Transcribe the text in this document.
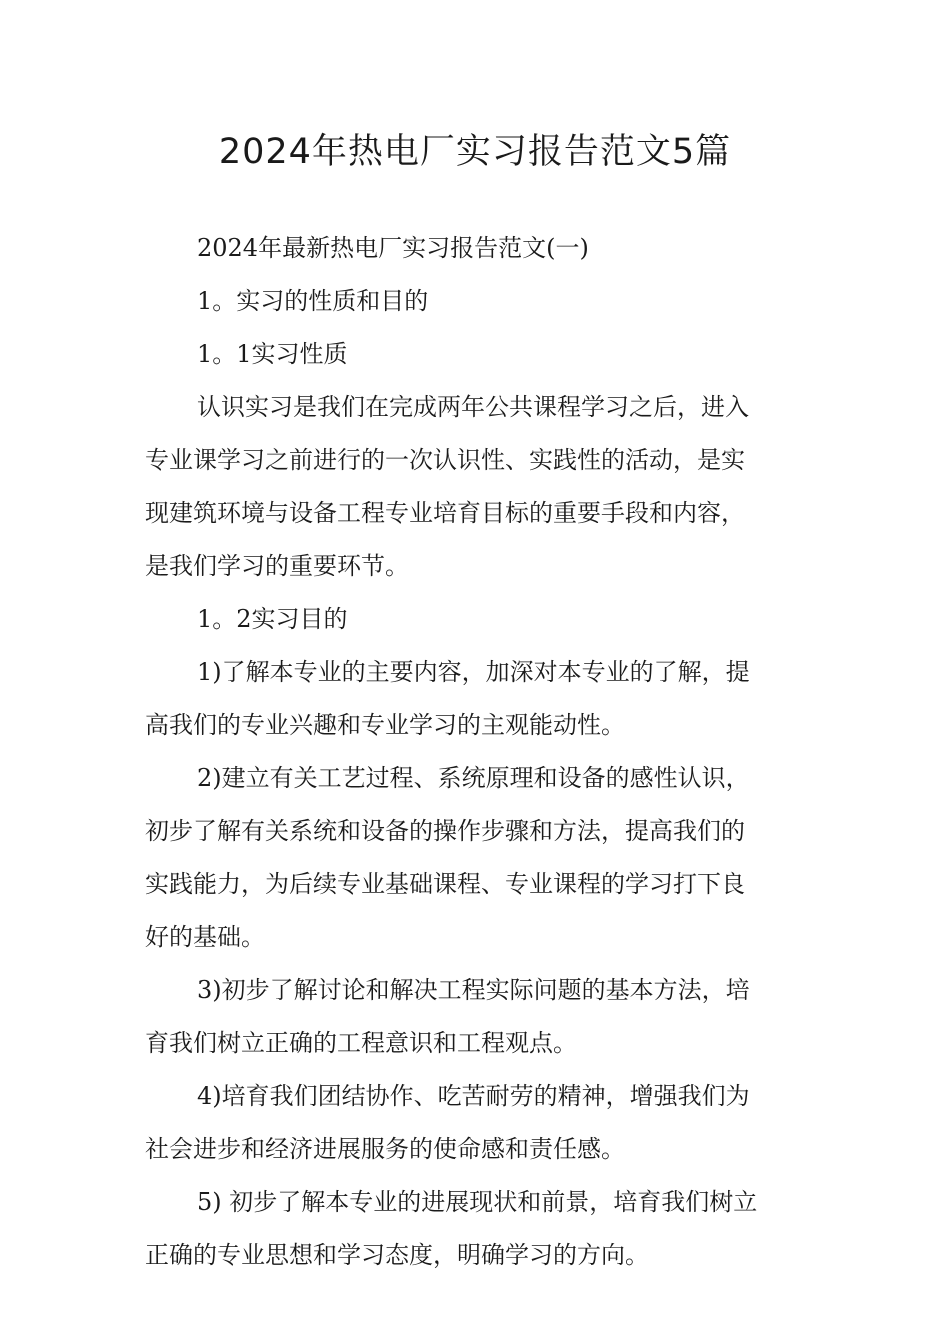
2024年热电厂实习报告范文5篇
2024年最新热电厂实习报告范文(一)
1。实习的性质和目的
1。1实习性质
认识实习是我们在完成两年公共课程学习之后，进入
专业课学习之前进行的一次认识性、实践性的活动，是实
现建筑环境与设备工程专业培育目标的重要手段和内容，
是我们学习的重要环节。
1。2实习目的
1)了解本专业的主要内容，加深对本专业的了解，提
高我们的专业兴趣和专业学习的主观能动性。
2)建立有关工艺过程、系统原理和设备的感性认识，
初步了解有关系统和设备的操作步骤和方法，提高我们的
实践能力，为后续专业基础课程、专业课程的学习打下良
好的基础。
3)初步了解讨论和解决工程实际问题的基本方法，培
育我们树立正确的工程意识和工程观点。
4)培育我们团结协作、吃苦耐劳的精神，增强我们为
社会进步和经济进展服务的使命感和责任感。
5) 初步了解本专业的进展现状和前景，培育我们树立
正确的专业思想和学习态度，明确学习的方向。
